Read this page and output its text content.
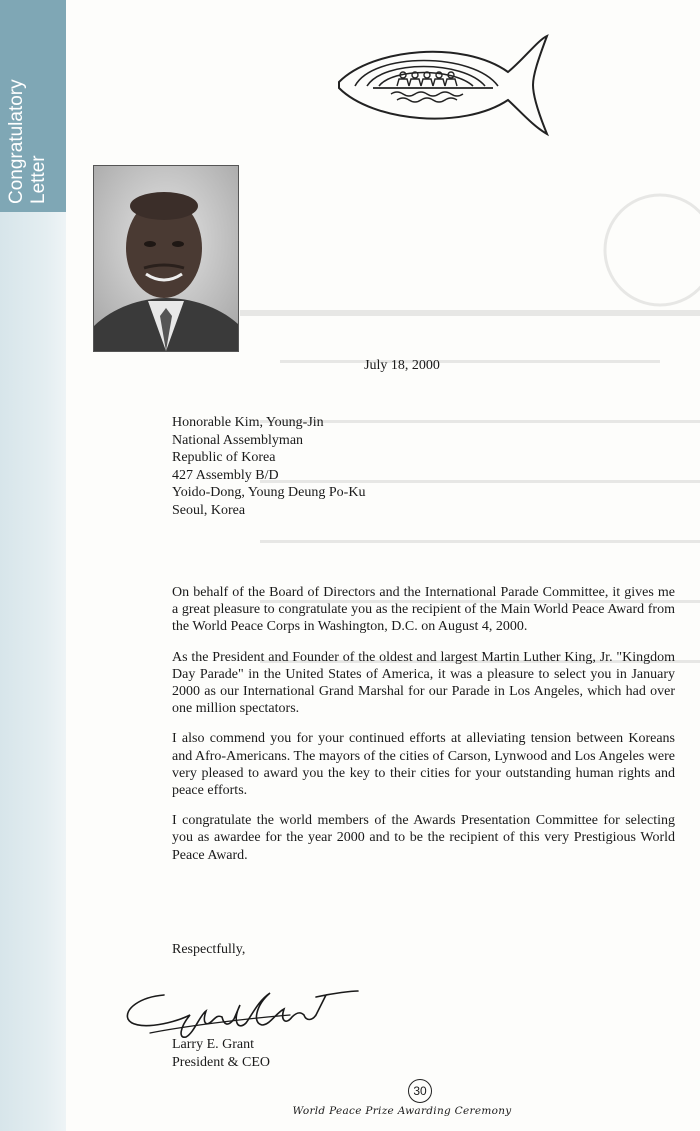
Congratulatory Letter
July 18, 2000
Honorable Kim, Young-Jin
National Assemblyman
Republic of Korea
427 Assembly B/D
Yoido-Dong, Young Deung Po-Ku
Seoul, Korea

On behalf of the Board of Directors and the International Parade Committee, it gives me a great pleasure to congratulate you as the recipient of the Main World Peace Award from the World Peace Corps in Washington, D.C. on August 4, 2000.

As the President and Founder of the oldest and largest Martin Luther King, Jr. "Kingdom Day Parade" in the United States of America, it was a pleasure to select you in January 2000 as our International Grand Marshal for our Parade in Los Angeles, which had over one million spectators.

I also commend you for your continued efforts at alleviating tension between Koreans and Afro-Americans. The mayors of the cities of Carson, Lynwood and Los Angeles were very pleased to award you the key to their cities for your outstanding human rights and peace efforts.

I congratulate the world members of the Awards Presentation Committee for selecting you as awardee for the year 2000 and to be the recipient of this very Prestigious World Peace Award.

Respectfully,
Larry E. Grant
President & CEO
30
World Peace Prize Awarding Ceremony
